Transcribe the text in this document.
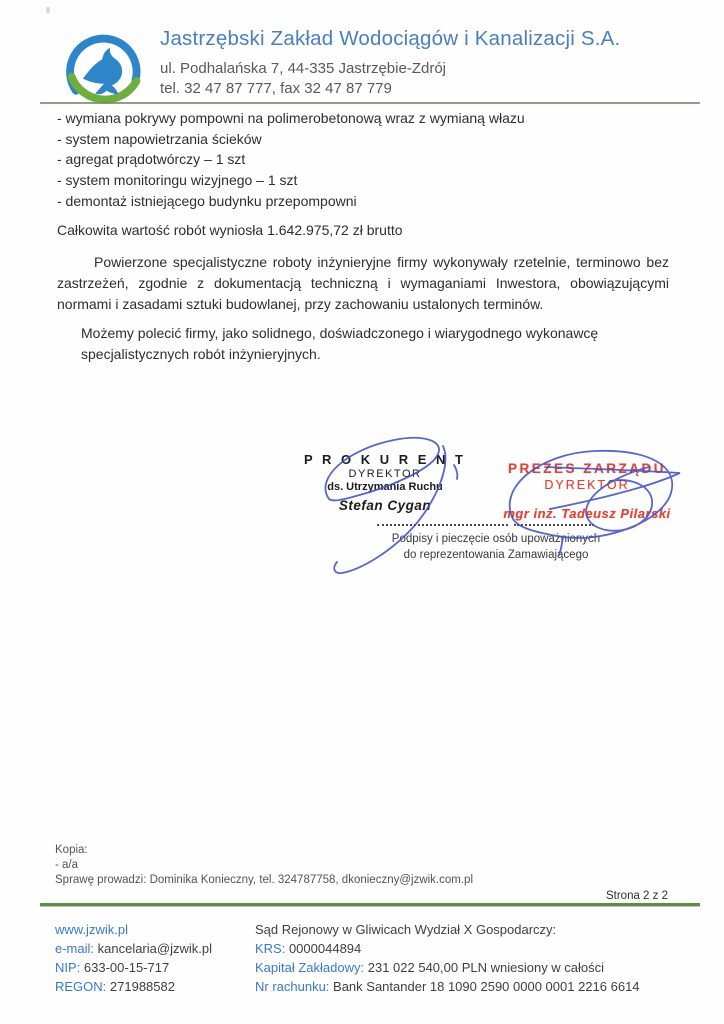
Jastrzębski Zakład Wodociągów i Kanalizacji S.A.
ul. Podhalańska 7, 44-335 Jastrzębie-Zdrój
tel. 32 47 87 777, fax 32 47 87 779
- wymiana pokrywy pompowni na polimerobetonową wraz z wymianą włazu
- system napowietrzania ścieków
- agregat prądotwórczy – 1 szt
- system monitoringu wizyjnego – 1 szt
- demontaż istniejącego budynku przepompowni
Całkowita wartość robót wyniosła 1.642.975,72 zł brutto
Powierzone specjalistyczne roboty inżynieryjne firmy wykonywały rzetelnie, terminowo bez zastrzeżeń, zgodnie z dokumentacją techniczną i wymaganiami Inwestora, obowiązującymi normami i zasadami sztuki budowlanej, przy zachowaniu ustalonych terminów.
Możemy polecić firmy, jako solidnego, doświadczonego i wiarygodnego wykonawcę specjalistycznych robót inżynieryjnych.
P R O K U R E N T
DYREKTOR
ds. Utrzymania Ruchu
Stefan Cygan
PREZES ZARZĄDU
DYREKTOR
mgr inż. Tadeusz Pilarski
Podpisy i pieczęcie osób upoważnionych
do reprezentowania Zamawiającego
Kopia:
- a/a
Sprawę prowadzi: Dominika Konieczny, tel. 324787758, dkonieczny@jzwik.com.pl
Strona 2 z 2
www.jzwik.pl
e-mail: kancelaria@jzwik.pl
NIP: 633-00-15-717
REGON: 271988582
Sąd Rejonowy w Gliwicach Wydział X Gospodarczy:
KRS: 0000044894
Kapitał Zakładowy: 231 022 540,00 PLN wniesiony w całości
Nr rachunku: Bank Santander 18 1090 2590 0000 0001 2216 6614
